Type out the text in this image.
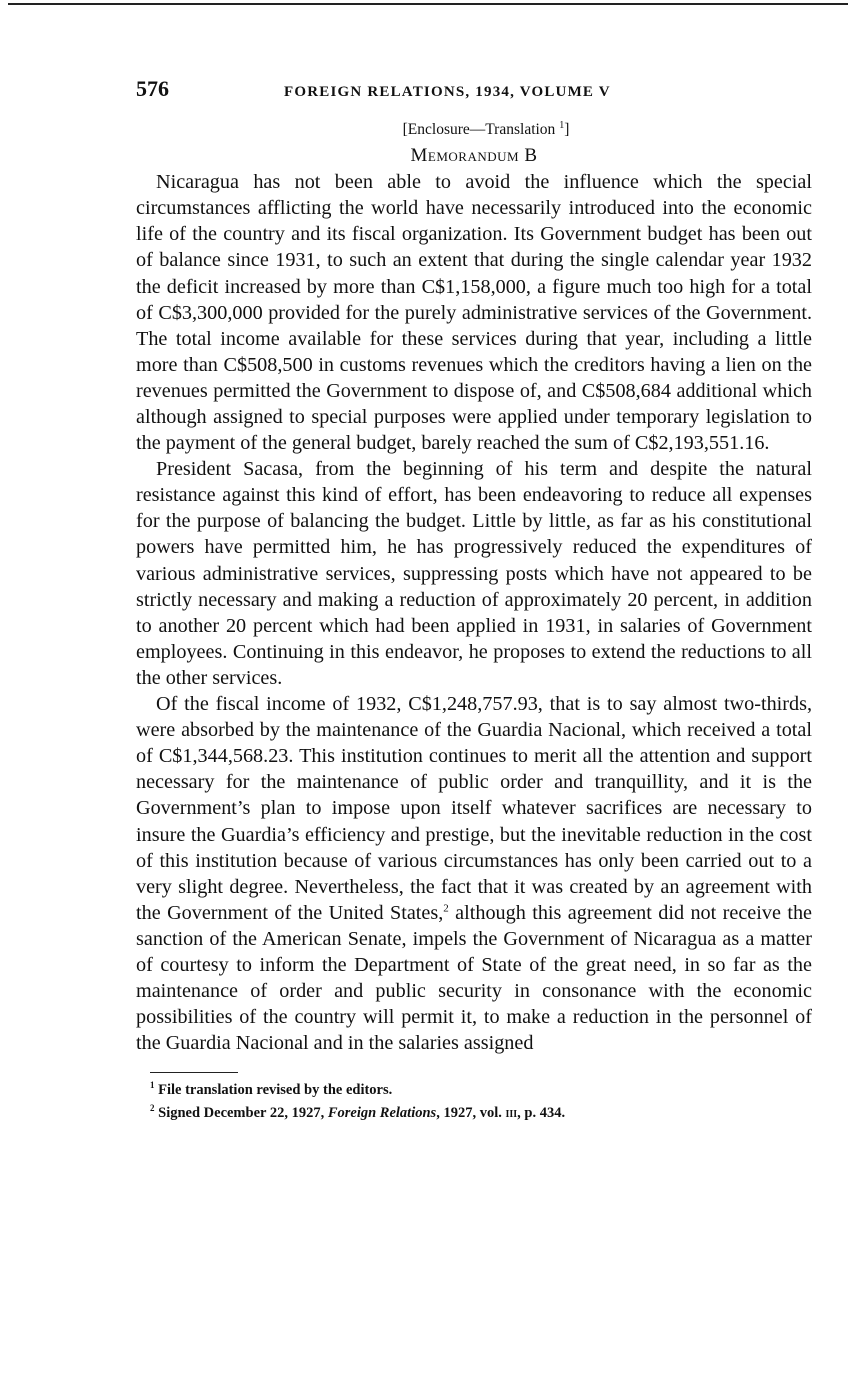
576	FOREIGN RELATIONS, 1934, VOLUME V
[Enclosure—Translation $^1$]
Memorandum B

Nicaragua has not been able to avoid the influence which the special circumstances afflicting the world have necessarily introduced into the economic life of the country and its fiscal organization. Its Government budget has been out of balance since 1931, to such an extent that during the single calendar year 1932 the deficit increased by more than C$1,158,000, a figure much too high for a total of C$3,300,000 provided for the purely administrative services of the Government. The total income available for these services during that year, including a little more than C$508,500 in customs revenues which the creditors having a lien on the revenues permitted the Government to dispose of, and C$508,684 additional which although assigned to special purposes were applied under temporary legislation to the payment of the general budget, barely reached the sum of C$2,193,551.16.

President Sacasa, from the beginning of his term and despite the natural resistance against this kind of effort, has been endeavoring to reduce all expenses for the purpose of balancing the budget. Little by little, as far as his constitutional powers have permitted him, he has progressively reduced the expenditures of various administrative services, suppressing posts which have not appeared to be strictly necessary and making a reduction of approximately 20 percent, in addition to another 20 percent which had been applied in 1931, in salaries of Government employees. Continuing in this endeavor, he proposes to extend the reductions to all the other services.

Of the fiscal income of 1932, C$1,248,757.93, that is to say almost two-thirds, were absorbed by the maintenance of the Guardia Nacional, which received a total of C$1,344,568.23. This institution continues to merit all the attention and support necessary for the maintenance of public order and tranquillity, and it is the Government’s plan to impose upon itself whatever sacrifices are necessary to insure the Guardia’s efficiency and prestige, but the inevitable reduction in the cost of this institution because of various circumstances has only been carried out to a very slight degree. Nevertheless, the fact that it was created by an agreement with the Government of the United States,$^2$ although this agreement did not receive the sanction of the American Senate, impels the Government of Nicaragua as a matter of courtesy to inform the Department of State of the great need, in so far as the maintenance of order and public security in consonance with the economic possibilities of the country will permit it, to make a reduction in the personnel of the Guardia Nacional and in the salaries assigned

$^1$ File translation revised by the editors.
$^2$ Signed December 22, 1927, Foreign Relations, 1927, vol. iii, p. 434.
